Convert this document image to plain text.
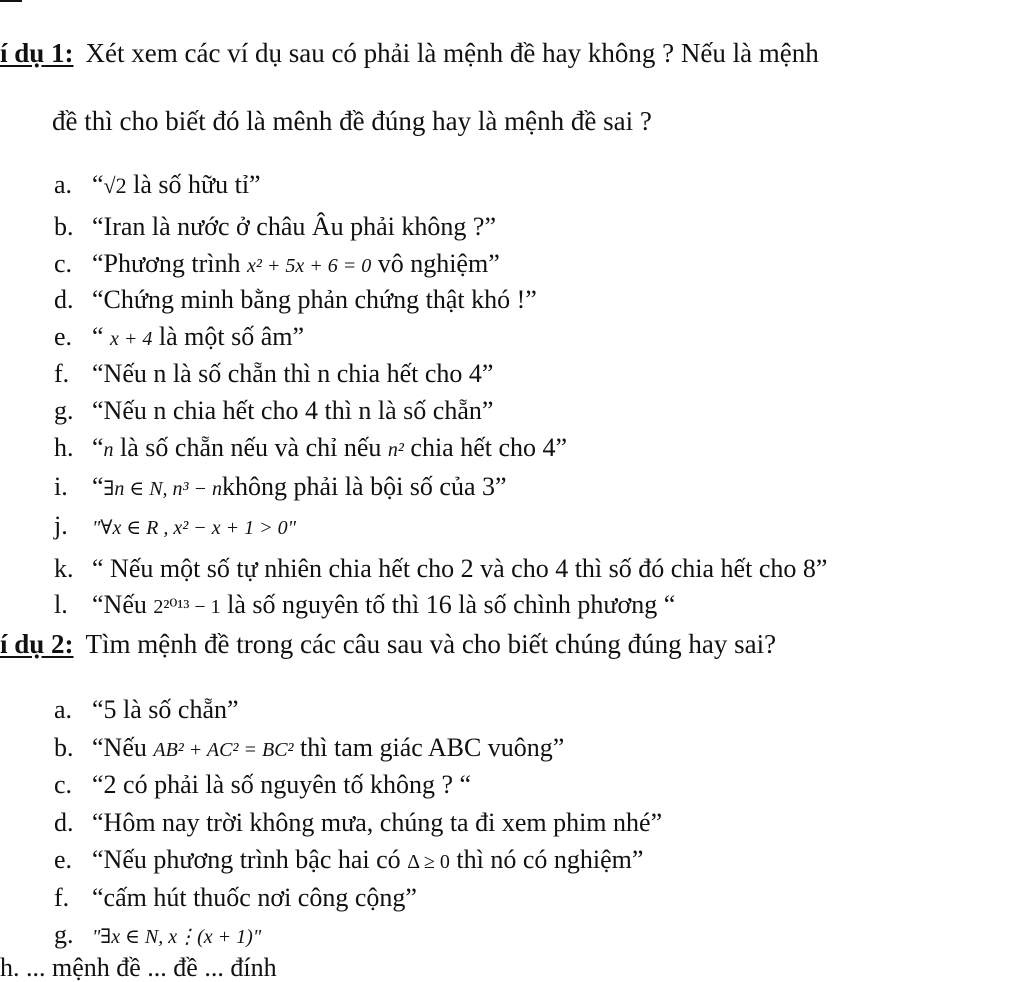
í dụ 1: Xét xem các ví dụ sau có phải là mệnh đề hay không ? Nếu là mệnh
đề thì cho biết đó là mênh đề đúng hay là mệnh đề sai ?
a. “√2 là số hữu tỉ”
b. “Iran là nước ở châu Âu phải không ?”
c. “Phương trình x² + 5x + 6 = 0 vô nghiệm”
d. “Chứng minh bằng phản chứng thật khó !”
e. “ x + 4 là một số âm”
f. “Nếu n là số chẵn thì n chia hết cho 4”
g. “Nếu n chia hết cho 4 thì n là số chẵn”
h. “n là số chẵn nếu và chỉ nếu n² chia hết cho 4”
i. “∃n ∈ N, n³ − nkhông phải là bội số của 3”
j. "∀x ∈ R , x² − x + 1 > 0"
k. “ Nếu một số tự nhiên chia hết cho 2 và cho 4 thì số đó chia hết cho 8”
l. “Nếu 2²⁰¹³ − 1 là số nguyên tố thì 16 là số chình phương “
í dụ 2: Tìm mệnh đề trong các câu sau và cho biết chúng đúng hay sai?
a. “5 là số chẵn”
b. “Nếu AB² + AC² = BC² thì tam giác ABC vuông”
c. “2 có phải là số nguyên tố không ? “
d. “Hôm nay trời không mưa, chúng ta đi xem phim nhé”
e. “Nếu phương trình bậc hai có Δ ≥ 0 thì nó có nghiệm”
f. “cấm hút thuốc nơi công cộng”
g. "∃x ∈ N, x⋮(x + 1)"
h. ... mệnh đề ... đề ... đính
